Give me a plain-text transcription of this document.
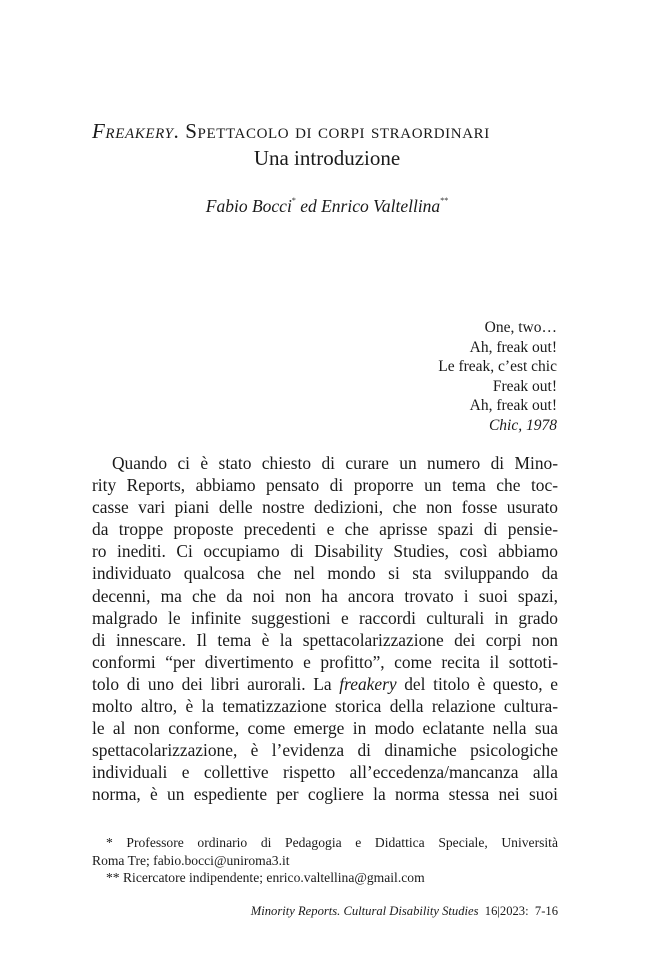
Freakery. Spettacolo di corpi straordinari
Una introduzione
Fabio Bocci* ed Enrico Valtellina**
One, two…
Ah, freak out!
Le freak, c’est chic
Freak out!
Ah, freak out!
Chic, 1978
Quando ci è stato chiesto di curare un numero di Mino-
rity Reports, abbiamo pensato di proporre un tema che toc-
casse vari piani delle nostre dedizioni, che non fosse usurato
da troppe proposte precedenti e che aprisse spazi di pensie-
ro inediti. Ci occupiamo di Disability Studies, così abbiamo
individuato qualcosa che nel mondo si sta sviluppando da
decenni, ma che da noi non ha ancora trovato i suoi spazi,
malgrado le infinite suggestioni e raccordi culturali in grado
di innescare. Il tema è la spettacolarizzazione dei corpi non
conformi “per divertimento e profitto”, come recita il sottoti-
tolo di uno dei libri aurorali. La freakery del titolo è questo, e
molto altro, è la tematizzazione storica della relazione cultura-
le al non conforme, come emerge in modo eclatante nella sua
spettacolarizzazione, è l’evidenza di dinamiche psicologiche
individuali e collettive rispetto all’eccedenza/mancanza alla
norma, è un espediente per cogliere la norma stessa nei suoi
* Professore ordinario di Pedagogia e Didattica Speciale, Università
Roma Tre; fabio.bocci@uniroma3.it
** Ricercatore indipendente; enrico.valtellina@gmail.com
Minority Reports. Cultural Disability Studies 16|2023: 7-16
